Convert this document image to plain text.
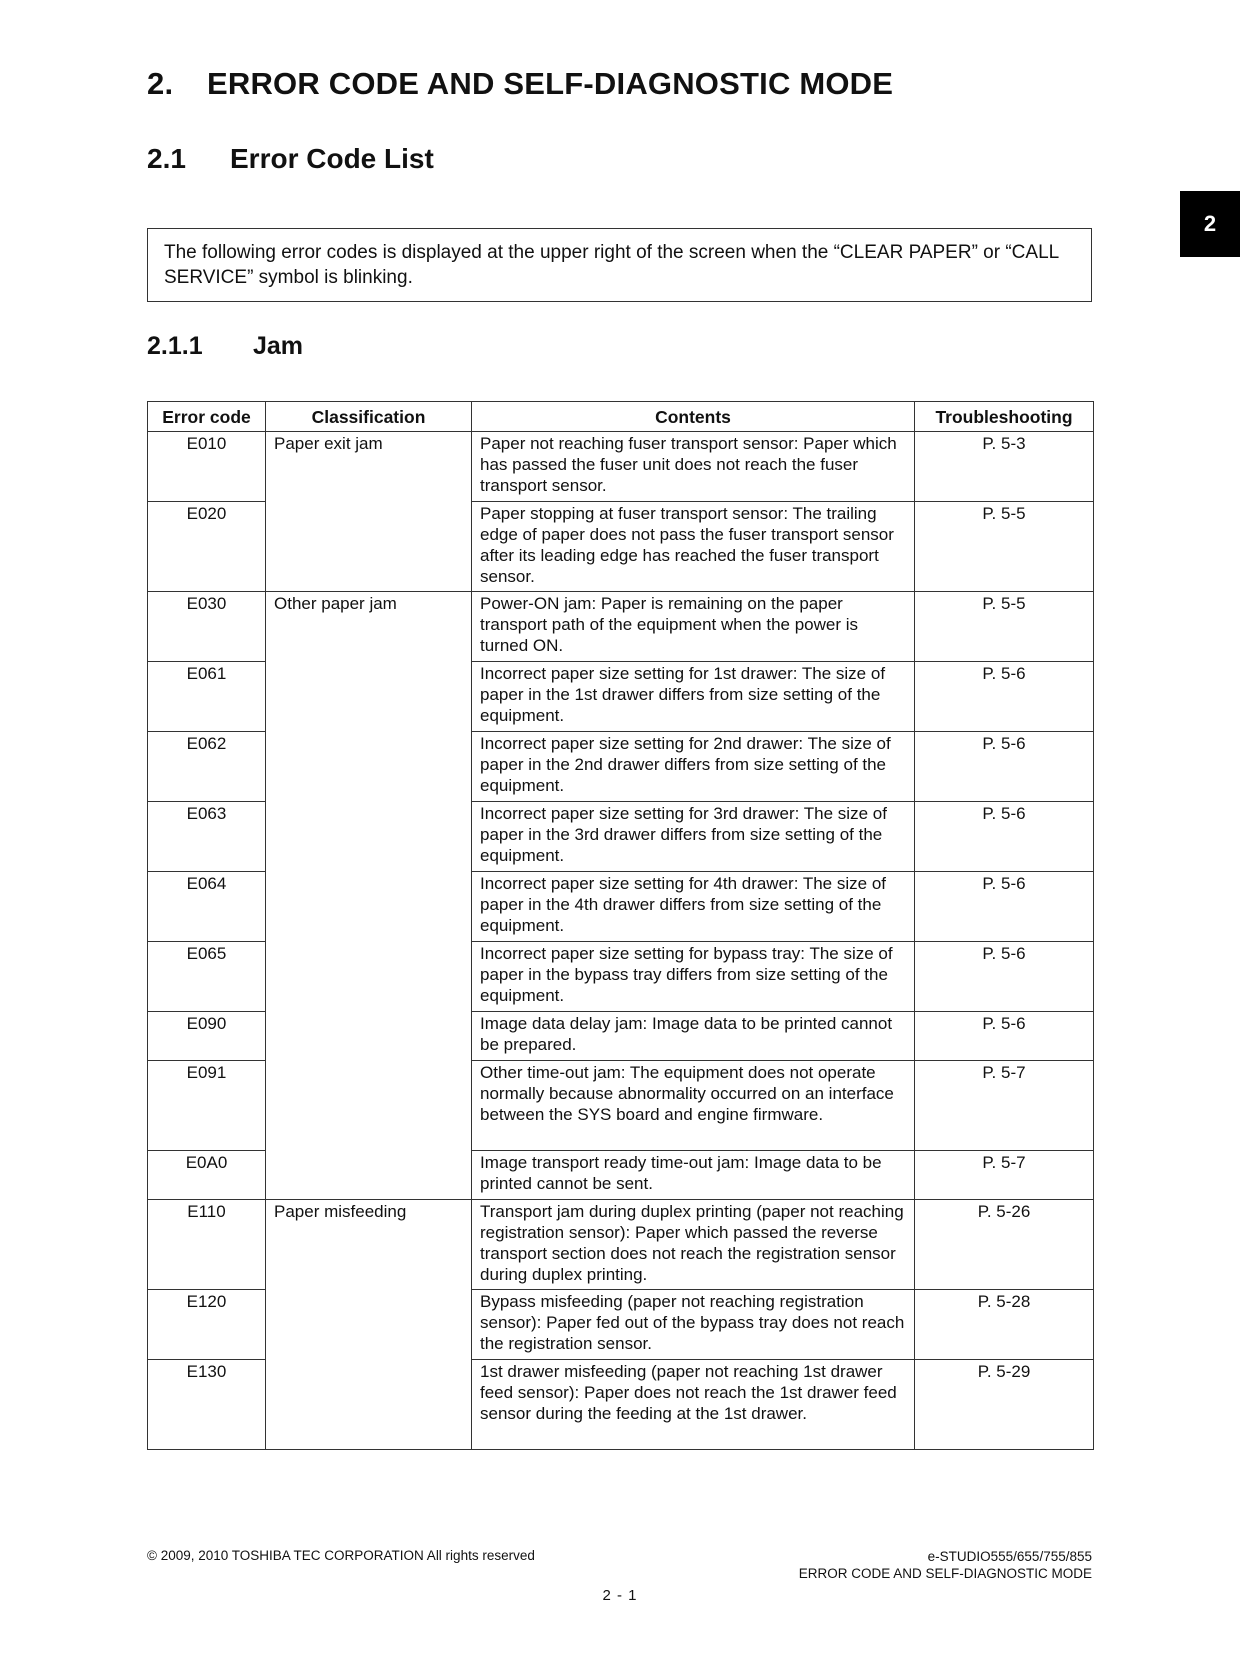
2. ERROR CODE AND SELF-DIAGNOSTIC MODE
2.1 Error Code List
2
The following error codes is displayed at the upper right of the screen when the “CLEAR PAPER” or “CALL SERVICE” symbol is blinking.
2.1.1 Jam
Error code	Classification	Contents	Troubleshooting
E010	Paper exit jam	Paper not reaching fuser transport sensor: Paper which has passed the fuser unit does not reach the fuser transport sensor.	P. 5-3
E020		Paper stopping at fuser transport sensor: The trailing edge of paper does not pass the fuser transport sensor after its leading edge has reached the fuser transport sensor.	P. 5-5
E030	Other paper jam	Power-ON jam: Paper is remaining on the paper transport path of the equipment when the power is turned ON.	P. 5-5
E061		Incorrect paper size setting for 1st drawer: The size of paper in the 1st drawer differs from size setting of the equipment.	P. 5-6
E062		Incorrect paper size setting for 2nd drawer: The size of paper in the 2nd drawer differs from size setting of the equipment.	P. 5-6
E063		Incorrect paper size setting for 3rd drawer: The size of paper in the 3rd drawer differs from size setting of the equipment.	P. 5-6
E064		Incorrect paper size setting for 4th drawer: The size of paper in the 4th drawer differs from size setting of the equipment.	P. 5-6
E065		Incorrect paper size setting for bypass tray: The size of paper in the bypass tray differs from size setting of the equipment.	P. 5-6
E090		Image data delay jam: Image data to be printed cannot be prepared.	P. 5-6
E091		Other time-out jam: The equipment does not operate normally because abnormality occurred on an interface between the SYS board and engine firmware.	P. 5-7
E0A0		Image transport ready time-out jam: Image data to be printed cannot be sent.	P. 5-7
E110	Paper misfeeding	Transport jam during duplex printing (paper not reaching registration sensor): Paper which passed the reverse transport section does not reach the registration sensor during duplex printing.	P. 5-26
E120		Bypass misfeeding (paper not reaching registration sensor): Paper fed out of the bypass tray does not reach the registration sensor.	P. 5-28
E130		1st drawer misfeeding (paper not reaching 1st drawer feed sensor): Paper does not reach the 1st drawer feed sensor during the feeding at the 1st drawer.	P. 5-29
© 2009, 2010 TOSHIBA TEC CORPORATION All rights reserved	e-STUDIO555/655/755/855
ERROR CODE AND SELF-DIAGNOSTIC MODE
2 - 1
